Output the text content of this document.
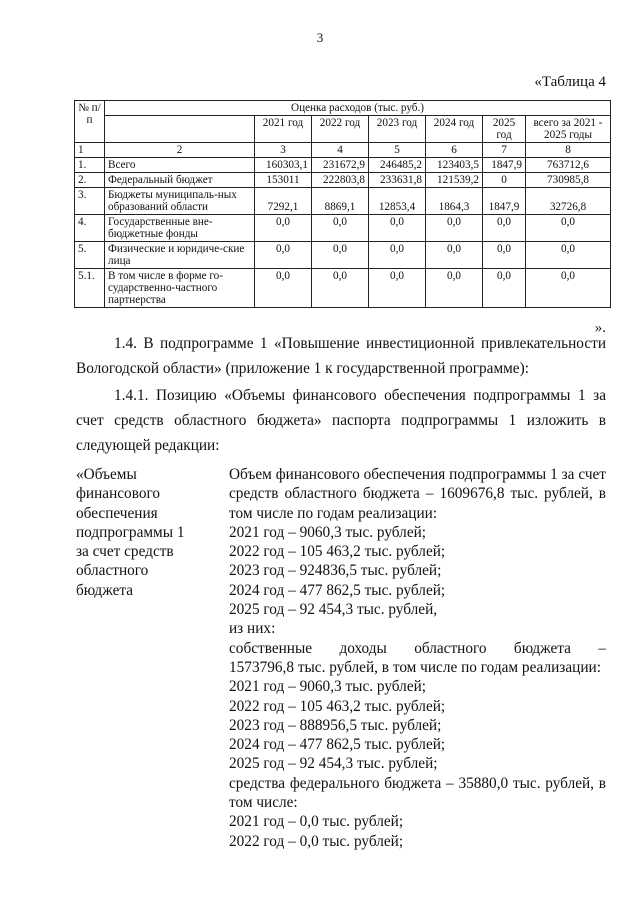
3
«Таблица 4
№ п/п	Оценка расходов (тыс. руб.)						
		2021 год	2022 год	2023 год	2024 год	2025 год	всего за 2021 - 2025 годы
1	2	3	4	5	6	7	8
1.	Всего	160303,1	231672,9	246485,2	123403,5	1847,9	763712,6
2.	Федеральный бюджет	153011	222803,8	233631,8	121539,2	0	730985,8
3.	Бюджеты муниципаль-ных образований области	7292,1	8869,1	12853,4	1864,3	1847,9	32726,8
4.	Государственные вне-бюджетные фонды	0,0	0,0	0,0	0,0	0,0	0,0
5.	Физические и юридиче-ские лица	0,0	0,0	0,0	0,0	0,0	0,0
5.1.	В том числе в форме го-сударственно-частного партнерства	0,0	0,0	0,0	0,0	0,0	0,0
».
1.4. В подпрограмме 1 «Повышение инвестиционной привлекательности Вологодской области» (приложение 1 к государственной программе):
1.4.1. Позицию «Объемы финансового обеспечения подпрограммы 1 за счет средств областного бюджета» паспорта подпрограммы 1 изложить в следующей редакции:
«Объемы
финансового
обеспечения
подпрограммы 1
за счет средств
областного
бюджета
Объем финансового обеспечения подпрограммы 1 за счет средств областного бюджета – 1609676,8 тыс. рублей, в том числе по годам реализации:
2021 год – 9060,3 тыс. рублей;
2022 год – 105 463,2 тыс. рублей;
2023 год – 924836,5 тыс. рублей;
2024 год – 477 862,5 тыс. рублей;
2025 год – 92 454,3 тыс. рублей,
из них:
собственные доходы областного бюджета –
1573796,8 тыс. рублей, в том числе по годам реализации:
2021 год – 9060,3 тыс. рублей;
2022 год – 105 463,2 тыс. рублей;
2023 год – 888956,5 тыс. рублей;
2024 год – 477 862,5 тыс. рублей;
2025 год – 92 454,3 тыс. рублей;
средства федерального бюджета – 35880,0 тыс. рублей, в том числе:
2021 год – 0,0 тыс. рублей;
2022 год – 0,0 тыс. рублей;
